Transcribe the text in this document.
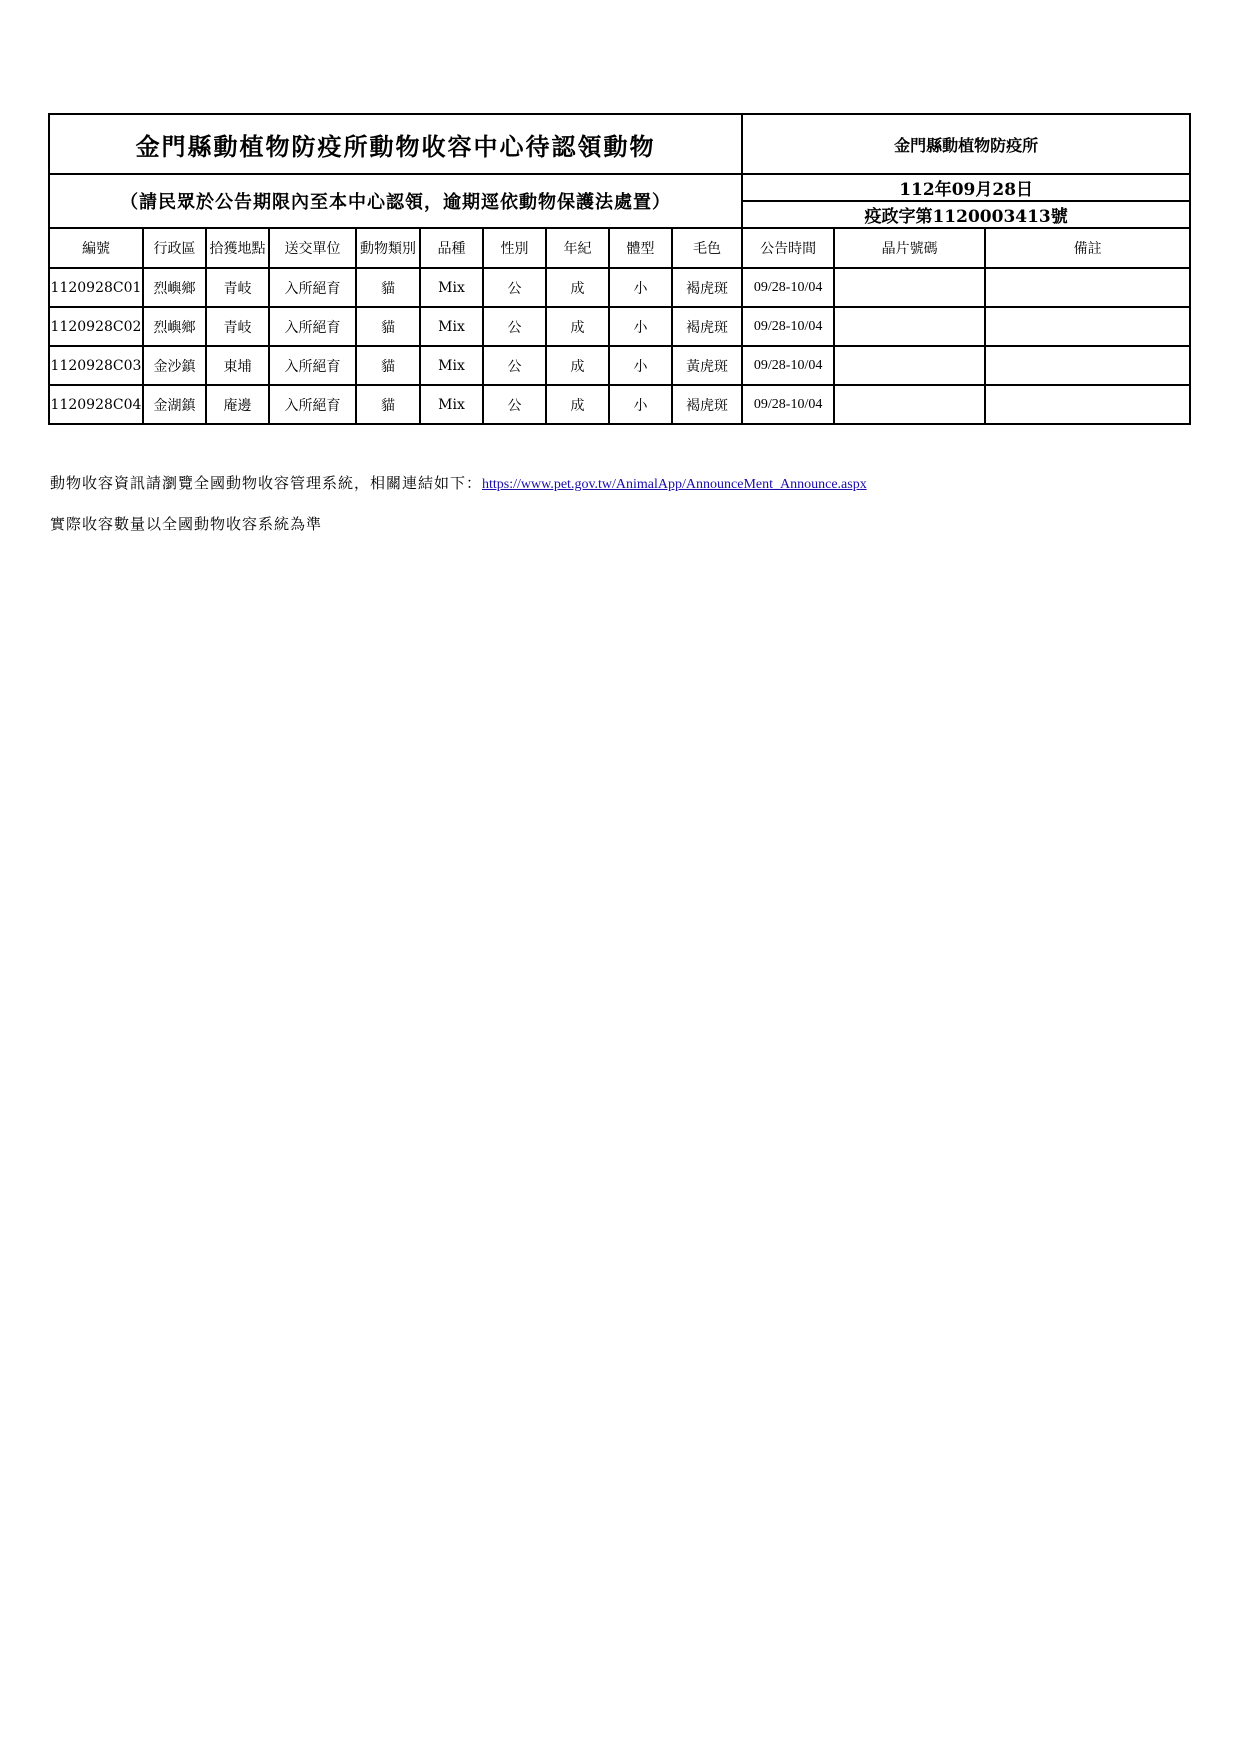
金門縣動植物防疫所動物收容中心待認領動物										金門縣動植物防疫所		
（請民眾於公告期限內至本中心認領，逾期逕依動物保護法處置）										112年09月28日		
										疫政字第1120003413號		
編號	行政區	拾獲地點	送交單位	動物類別	品種	性別	年紀	體型	毛色	公告時間	晶片號碼	備註
1120928C01	烈嶼鄉	青岐	入所絕育	貓	Mix	公	成	小	褐虎斑	09/28-10/04		
1120928C02	烈嶼鄉	青岐	入所絕育	貓	Mix	公	成	小	褐虎斑	09/28-10/04		
1120928C03	金沙鎮	東埔	入所絕育	貓	Mix	公	成	小	黃虎斑	09/28-10/04		
1120928C04	金湖鎮	庵邊	入所絕育	貓	Mix	公	成	小	褐虎斑	09/28-10/04		
動物收容資訊請瀏覽全國動物收容管理系統，相關連結如下：https://www.pet.gov.tw/AnimalApp/AnnounceMent_Announce.aspx
實際收容數量以全國動物收容系統為準
